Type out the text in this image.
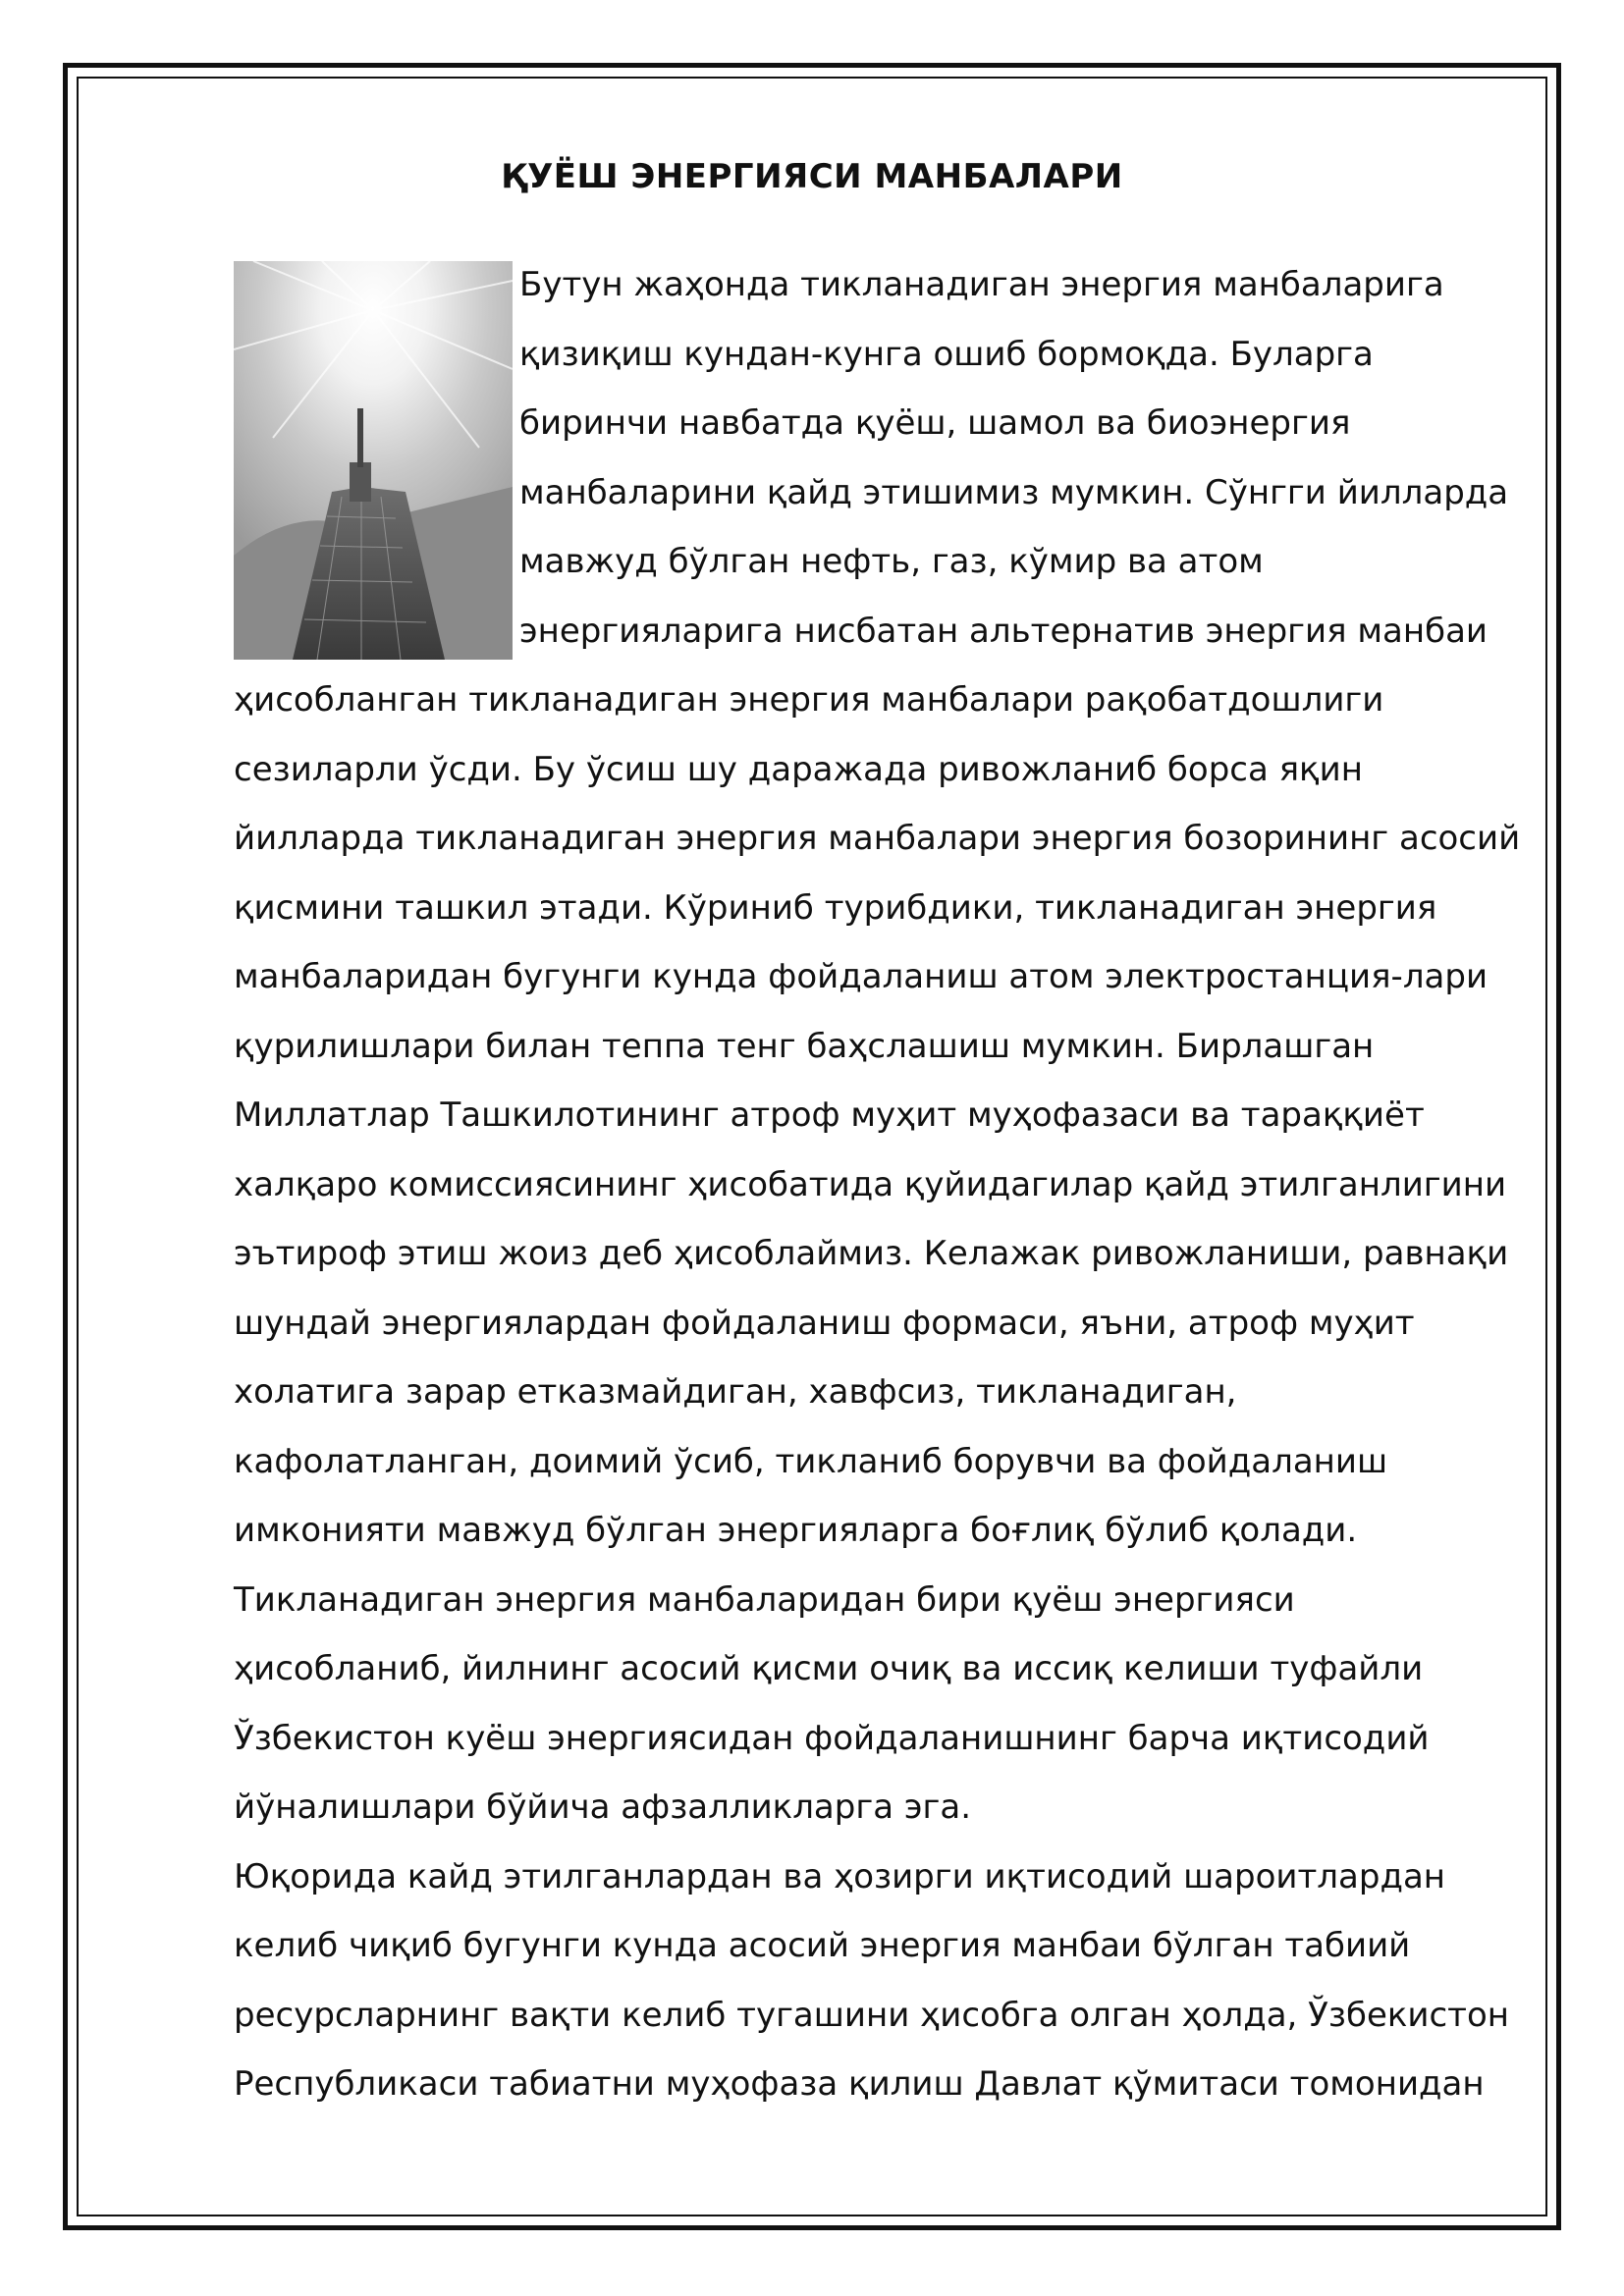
ҚУЁШ ЭНЕРГИЯСИ МАНБАЛАРИ
Бутун жаҳонда тикланадиган энергия манбаларига
қизиқиш кундан-кунга ошиб бормоқда. Буларга
биринчи навбатда қуёш, шамол ва биоэнергия
манбаларини қайд этишимиз мумкин. Сўнгги йилларда
мавжуд бўлган нефть, газ, кўмир ва атом
энергияларига нисбатан альтернатив энергия манбаи
ҳисобланган тикланадиган энергия манбалари рақобатдошлиги
сезиларли ўсди. Бу ўсиш шу даражада ривожланиб борса яқин
йилларда тикланадиган энергия манбалари энергия бозорининг асосий
қисмини ташкил этади. Кўриниб турибдики, тикланадиган энергия
манбаларидан бугунги кунда фойдаланиш атом электростанция-лари
қурилишлари билан теппа тенг баҳслашиш мумкин. Бирлашган
Миллатлар Ташкилотининг атроф муҳит муҳофазаси ва тараққиёт
халқаро комиссиясининг ҳисобатида қуйидагилар қайд этилганлигини
эътироф этиш жоиз деб ҳисоблаймиз. Келажак ривожланиши, равнақи
шундай энергиялардан фойдаланиш формаси, яъни, атроф муҳит
холатига зарар етказмайдиган, хавфсиз, тикланадиган,
кафолатланган, доимий ўсиб, тикланиб борувчи ва фойдаланиш
имконияти мавжуд бўлган энергияларга боғлиқ бўлиб қолади.
Тикланадиган энергия манбаларидан бири қуёш энергияси
ҳисобланиб, йилнинг асосий қисми очиқ ва иссиқ келиши туфайли
Ўзбекистон куёш энергиясидан фойдаланишнинг барча иқтисодий
йўналишлари бўйича афзалликларга эга.
Юқорида кайд этилганлардан ва ҳозирги иқтисодий шароитлардан
келиб чиқиб бугунги кунда асосий энергия манбаи бўлган табиий
ресурсларнинг вақти келиб тугашини ҳисобга олган ҳолда, Ўзбекистон
Республикаси табиатни муҳофаза қилиш Давлат қўмитаси томонидан
